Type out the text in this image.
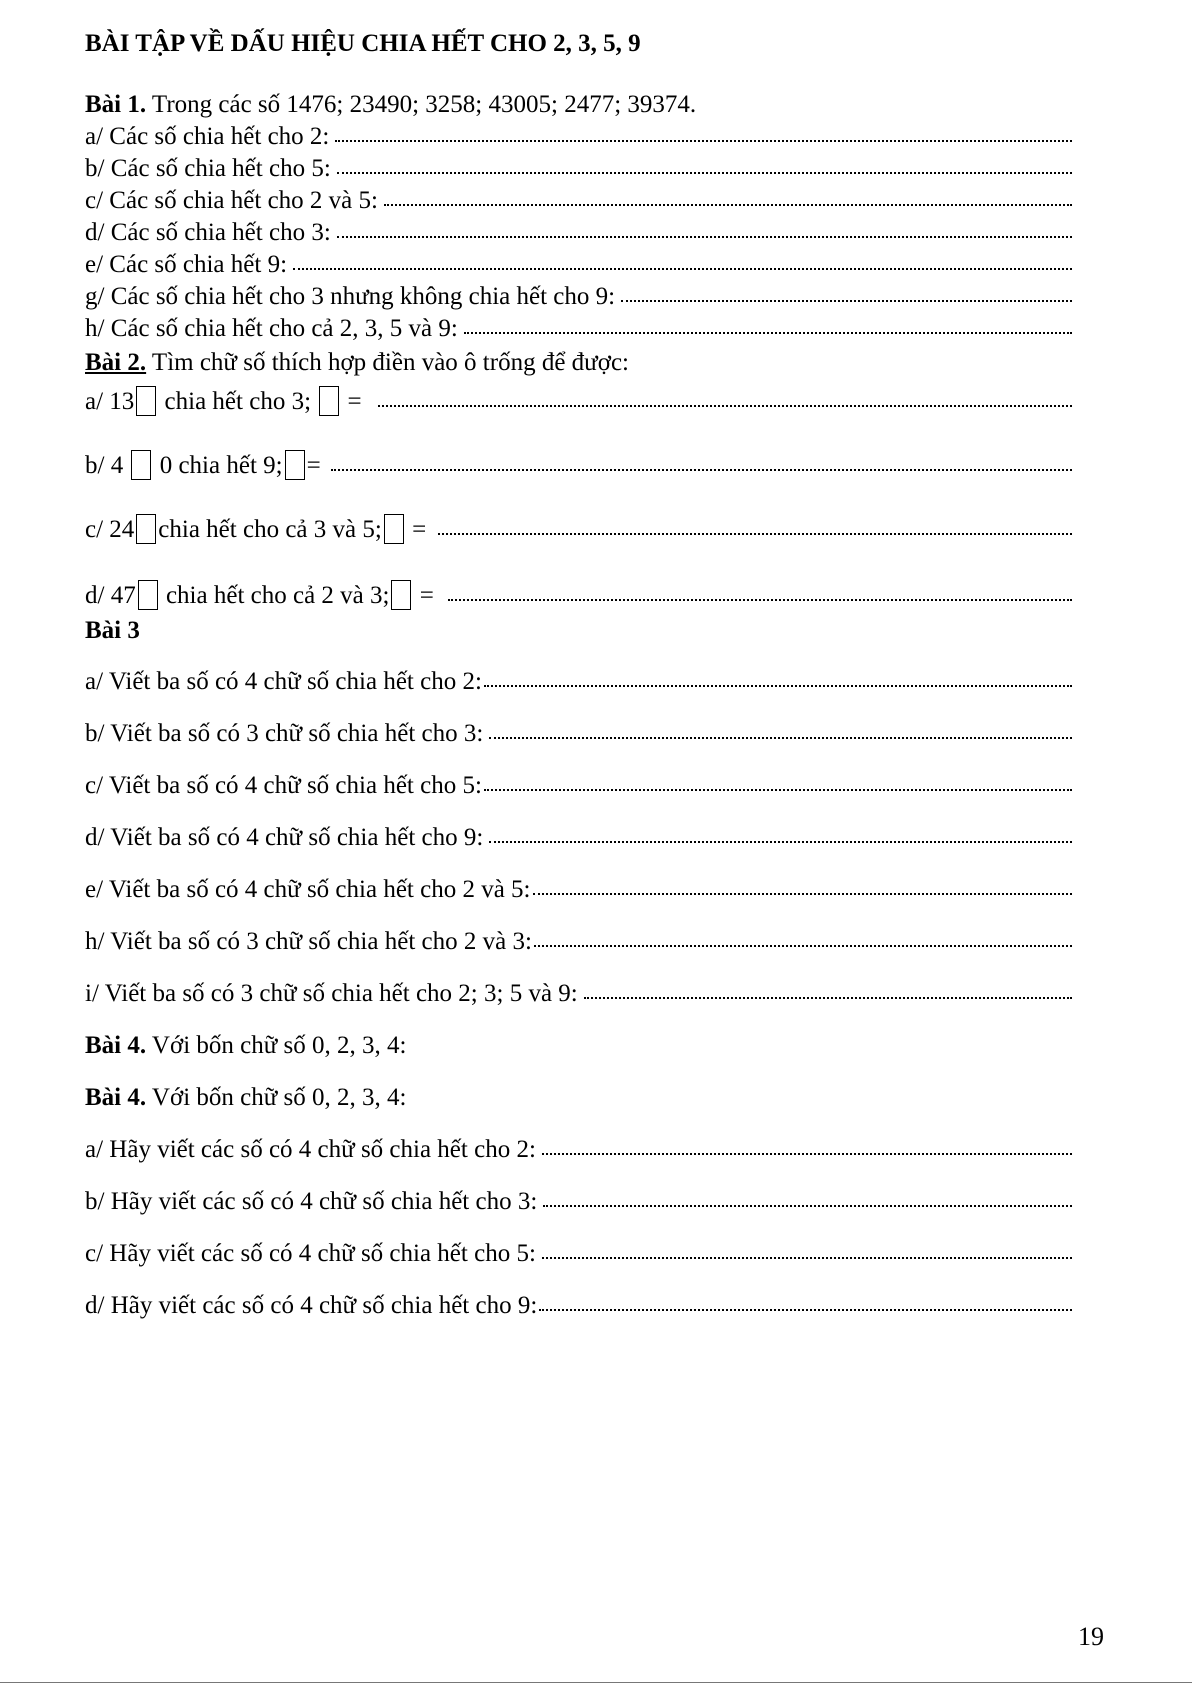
BÀI TẬP VỀ DẤU HIỆU CHIA HẾT CHO 2, 3, 5, 9
Bài 1. Trong các số 1476; 23490; 3258; 43005; 2477; 39374.
a/ Các số chia hết cho 2:
b/ Các số chia hết cho 5:
c/ Các số chia hết cho 2 và 5:
d/ Các số chia hết cho 3:
e/ Các số chia hết 9:
g/ Các số chia hết cho 3 nhưng không chia hết cho 9:
h/ Các số chia hết cho cả 2, 3, 5 và 9:
Bài 2. Tìm chữ số thích hợp điền vào ô trống để được:
a/ 13 chia hết cho 3;  =
b/ 4  0 chia hết 9; =
c/ 24 chia hết cho cả 3 và 5; =
d/ 47 chia hết cho cả 2 và 3; =
Bài 3
a/ Viết ba số có 4 chữ số chia hết cho 2:
b/ Viết ba số có 3 chữ số chia hết cho 3:
c/ Viết ba số có 4 chữ số chia hết cho 5:
d/ Viết ba số có 4 chữ số chia hết cho 9:
e/ Viết ba số có 4 chữ số chia hết cho 2 và 5:
h/ Viết ba số có 3 chữ số chia hết cho 2 và 3:
i/ Viết ba số có 3 chữ số chia hết cho 2; 3; 5 và 9:
Bài 4. Với bốn chữ số 0, 2, 3, 4:
Bài 4. Với bốn chữ số 0, 2, 3, 4:
a/ Hãy viết các số có 4 chữ số chia hết cho 2:
b/ Hãy viết các số có 4 chữ số chia hết cho 3:
c/ Hãy viết các số có 4 chữ số chia hết cho 5:
d/ Hãy viết các số có 4 chữ số chia hết cho 9:
19
